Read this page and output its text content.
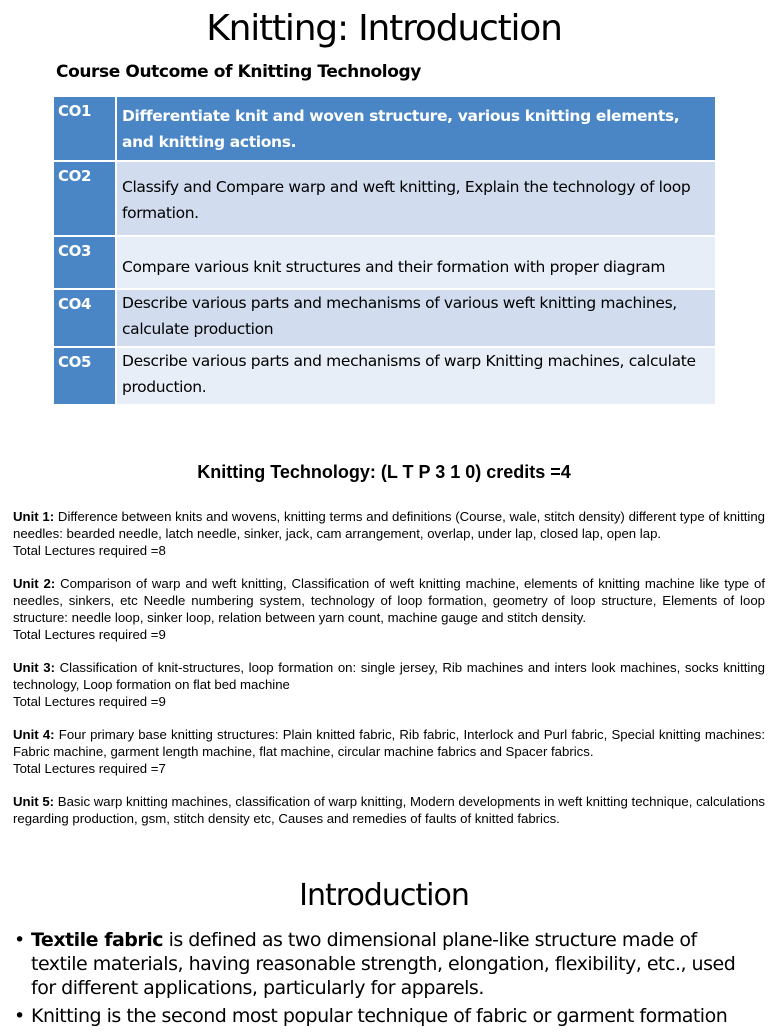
Knitting: Introduction
Course Outcome of Knitting Technology
CO1	Differentiate knit and woven structure, various knitting elements, and knitting actions.
CO2	Classify and Compare warp and weft knitting, Explain the technology of loop formation.
CO3	Compare various knit structures and their formation with proper diagram
CO4	Describe various parts and mechanisms of various weft knitting machines, calculate production
CO5	Describe various parts and mechanisms of warp Knitting machines, calculate production.
Knitting Technology: (L T P 3 1 0) credits =4

Unit 1: Difference between knits and wovens, knitting terms and definitions (Course, wale, stitch density) different type of knitting needles: bearded needle, latch needle, sinker, jack, cam arrangement, overlap, under lap, closed lap, open lap.
Total Lectures required =8

Unit 2: Comparison of warp and weft knitting, Classification of weft knitting machine, elements of knitting machine like type of needles, sinkers, etc Needle numbering system, technology of loop formation, geometry of loop structure, Elements of loop structure: needle loop, sinker loop, relation between yarn count, machine gauge and stitch density.
Total Lectures required =9

Unit 3: Classification of knit-structures, loop formation on: single jersey, Rib machines and inters look machines, socks knitting technology, Loop formation on flat bed machine
Total Lectures required =9

Unit 4: Four primary base knitting structures: Plain knitted fabric, Rib fabric, Interlock and Purl fabric, Special knitting machines: Fabric machine, garment length machine, flat machine, circular machine fabrics and Spacer fabrics.
Total Lectures required =7

Unit 5: Basic warp knitting machines, classification of warp knitting, Modern developments in weft knitting technique, calculations regarding production, gsm, stitch density etc, Causes and remedies of faults of knitted fabrics.

Introduction
• Textile fabric is defined as two dimensional plane-like structure made of textile materials, having reasonable strength, elongation, flexibility, etc., used for different applications, particularly for apparels.
• Knitting is the second most popular technique of fabric or garment formation
